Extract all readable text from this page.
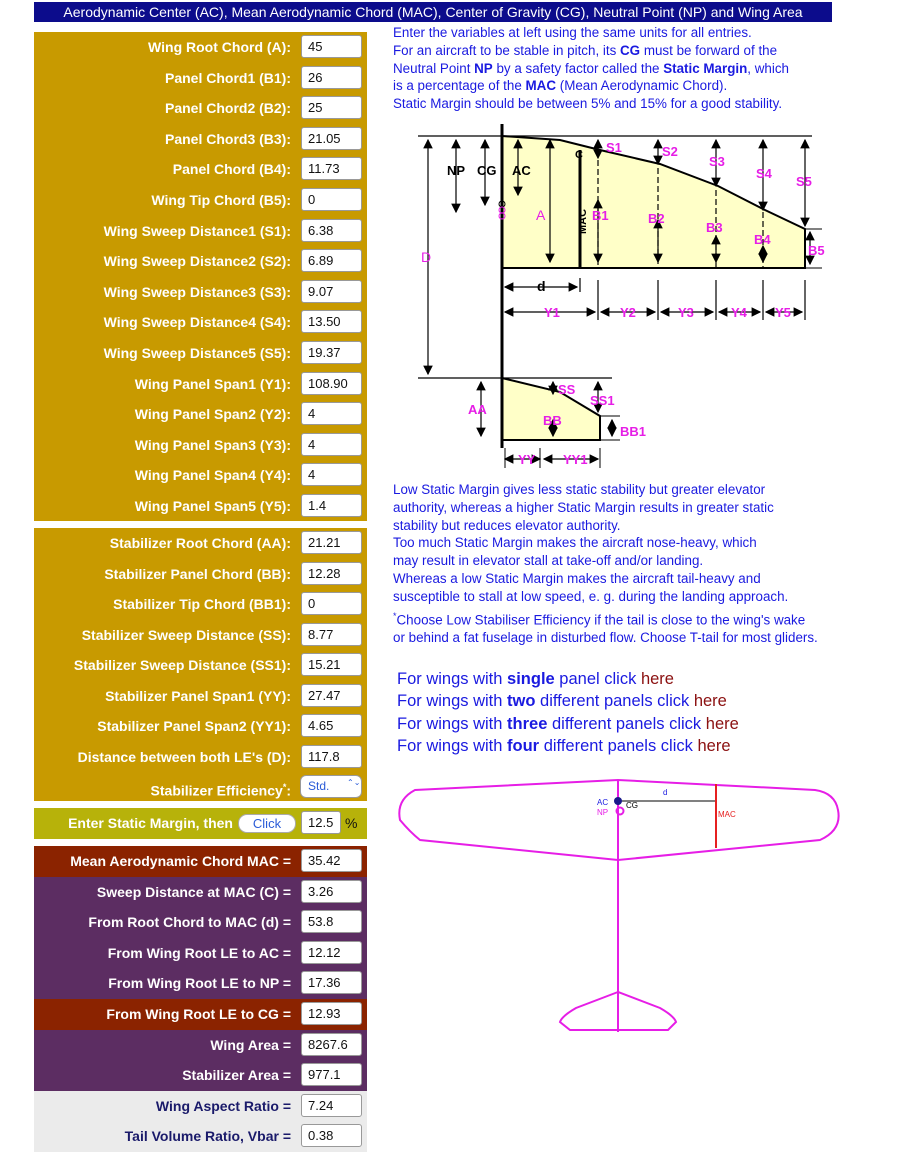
Aerodynamic Center (AC), Mean Aerodynamic Chord (MAC), Center of Gravity (CG), Neutral Point (NP) and Wing Area
Wing Root Chord (A):	45
Panel Chord1 (B1):	26
Panel Chord2 (B2):	25
Panel Chord3 (B3):	21.05
Panel Chord (B4):	11.73
Wing Tip Chord (B5):	0
Wing Sweep Distance1 (S1):	6.38
Wing Sweep Distance2 (S2):	6.89
Wing Sweep Distance3 (S3):	9.07
Wing Sweep Distance4 (S4):	13.50
Wing Sweep Distance5 (S5):	19.37
Wing Panel Span1 (Y1):	108.90
Wing Panel Span2 (Y2):	4
Wing Panel Span3 (Y3):	4
Wing Panel Span4 (Y4):	4
Wing Panel Span5 (Y5):	1.4
Stabilizer Root Chord (AA):	21.21
Stabilizer Panel Chord (BB):	12.28
Stabilizer Tip Chord (BB1):	0
Stabilizer Sweep Distance (SS):	8.77
Stabilizer Sweep Distance (SS1):	15.21
Stabilizer Panel Span1 (YY):	27.47
Stabilizer Panel Span2 (YY1):	4.65
Distance between both LE's (D):	117.8
Stabilizer Efficiency*:	Std. ⌃⌄
Enter Static Margin, then	Click	12.5 %
Mean Aerodynamic Chord MAC =	35.42
Sweep Distance at MAC (C) =	3.26
From Root Chord to MAC (d) =	53.8
From Wing Root LE to AC =	12.12
From Wing Root LE to NP =	17.36
From Wing Root LE to CG =	12.93
Wing Area =	8267.6
Stabilizer Area =	977.1
Wing Aspect Ratio =	7.24
Tail Volume Ratio, Vbar =	0.38
Enter the variables at left using the same units for all entries.
For an aircraft to be stable in pitch, its CG must be forward of the
Neutral Point NP by a safety factor called the Static Margin, which
is a percentage of the MAC (Mean Aerodynamic Chord).
Static Margin should be between 5% and 15% for a good stability.
Low Static Margin gives less static stability but greater elevator
authority, whereas a higher Static Margin results in greater static
stability but reduces elevator authority.
Too much Static Margin makes the aircraft nose-heavy, which
may result in elevator stall at take-off and/or landing.
Whereas a low Static Margin makes the aircraft tail-heavy and
susceptible to stall at low speed, e. g. during the landing approach.
*Choose Low Stabiliser Efficiency if the tail is close to the wing's wake
or behind a fat fuselage in disturbed flow. Choose T-tail for most gliders.
For wings with single panel click here
For wings with two different panels click here
For wings with three different panels click here
For wings with four different panels click here
NP CG AC
C
A	MAC B1	B2
B3
B4
B5
S1	S2
S3
S4
S5
D
d
Y1	Y2	Y3	Y4 Y5
AA
BB
BB1
SS
SS1
YY YY1
AC
NP
CG
d
MAC
